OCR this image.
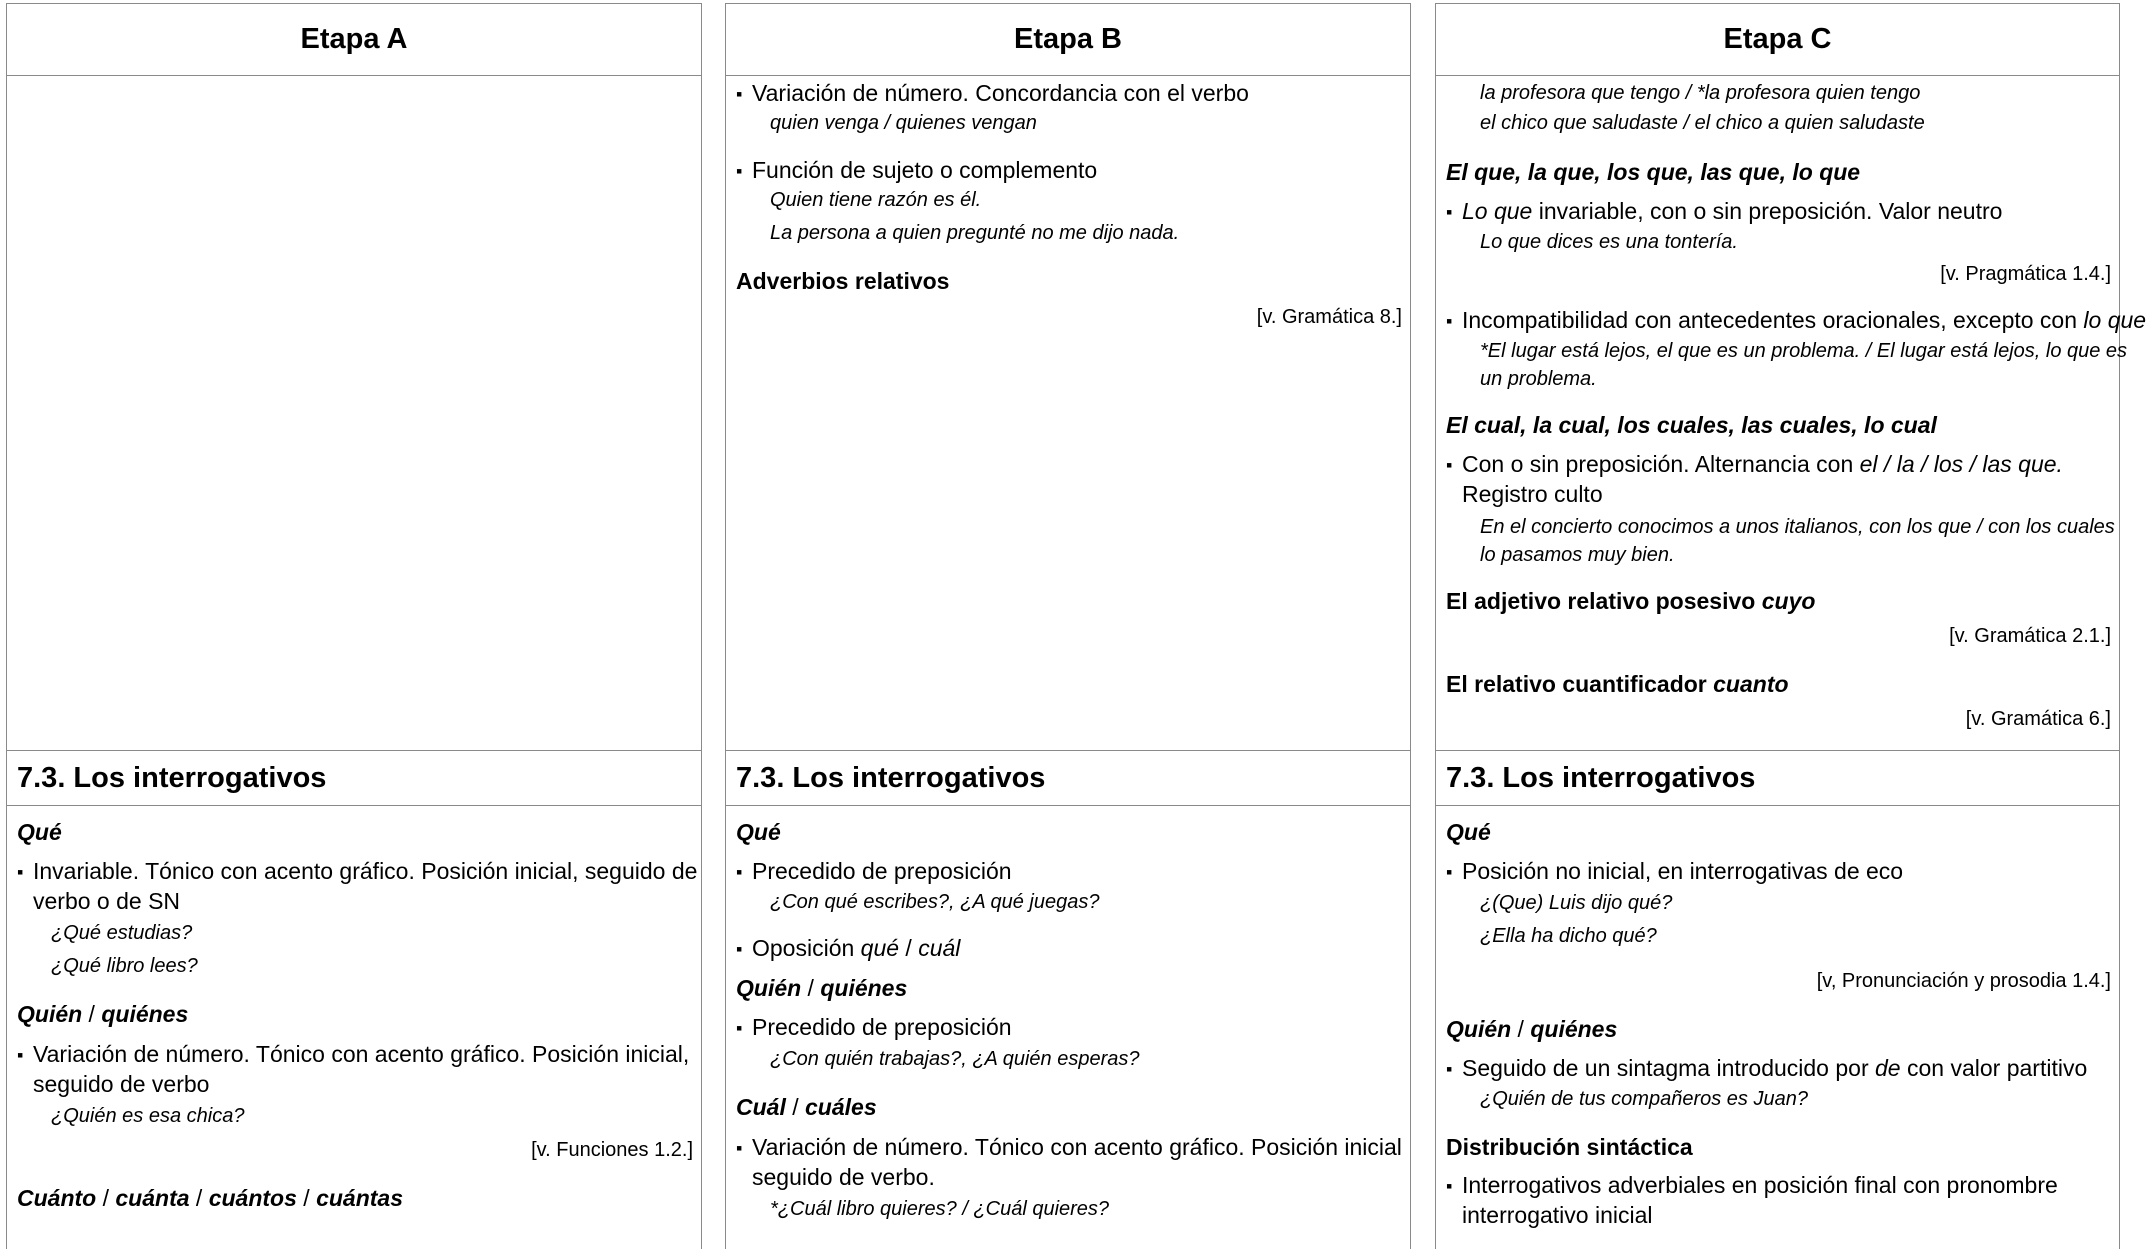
Etapa A
7.3. Los interrogativos
Qué
▪ Invariable. Tónico con acento gráfico. Posición inicial, seguido de
verbo o de SN
¿Qué estudias?
¿Qué libro lees?
Quién / quiénes
▪ Variación de número. Tónico con acento gráfico. Posición inicial,
seguido de verbo
¿Quién es esa chica?
[v. Funciones 1.2.]
Cuánto / cuánta / cuántos / cuántas
Etapa B
▪ Variación de número. Concordancia con el verbo
quien venga / quienes vengan
▪ Función de sujeto o complemento
Quien tiene razón es él.
La persona a quien pregunté no me dijo nada.
Adverbios relativos
[v. Gramática 8.]
7.3. Los interrogativos
Qué
▪ Precedido de preposición
¿Con qué escribes?, ¿A qué juegas?
▪ Oposición qué / cuál
Quién / quiénes
▪ Precedido de preposición
¿Con quién trabajas?, ¿A quién esperas?
Cuál / cuáles
▪ Variación de número. Tónico con acento gráfico. Posición inicial
seguido de verbo.
*¿Cuál libro quieres? / ¿Cuál quieres?
Etapa C
la profesora que tengo / *la profesora quien tengo
el chico que saludaste / el chico a quien saludaste
El que, la que, los que, las que, lo que
▪ Lo que invariable, con o sin preposición. Valor neutro
Lo que dices es una tontería.
[v. Pragmática 1.4.]
▪ Incompatibilidad con antecedentes oracionales, excepto con lo que
*El lugar está lejos, el que es un problema. / El lugar está lejos, lo que es
un problema.
El cual, la cual, los cuales, las cuales, lo cual
▪ Con o sin preposición. Alternancia con el / la / los / las que.
Registro culto
En el concierto conocimos a unos italianos, con los que / con los cuales
lo pasamos muy bien.
El adjetivo relativo posesivo cuyo
[v. Gramática 2.1.]
El relativo cuantificador cuanto
[v. Gramática 6.]
7.3. Los interrogativos
Qué
▪ Posición no inicial, en interrogativas de eco
¿(Que) Luis dijo qué?
¿Ella ha dicho qué?
[v, Pronunciación y prosodia 1.4.]
Quién / quiénes
▪ Seguido de un sintagma introducido por de con valor partitivo
¿Quién de tus compañeros es Juan?
Distribución sintáctica
▪ Interrogativos adverbiales en posición final con pronombre
interrogativo inicial
